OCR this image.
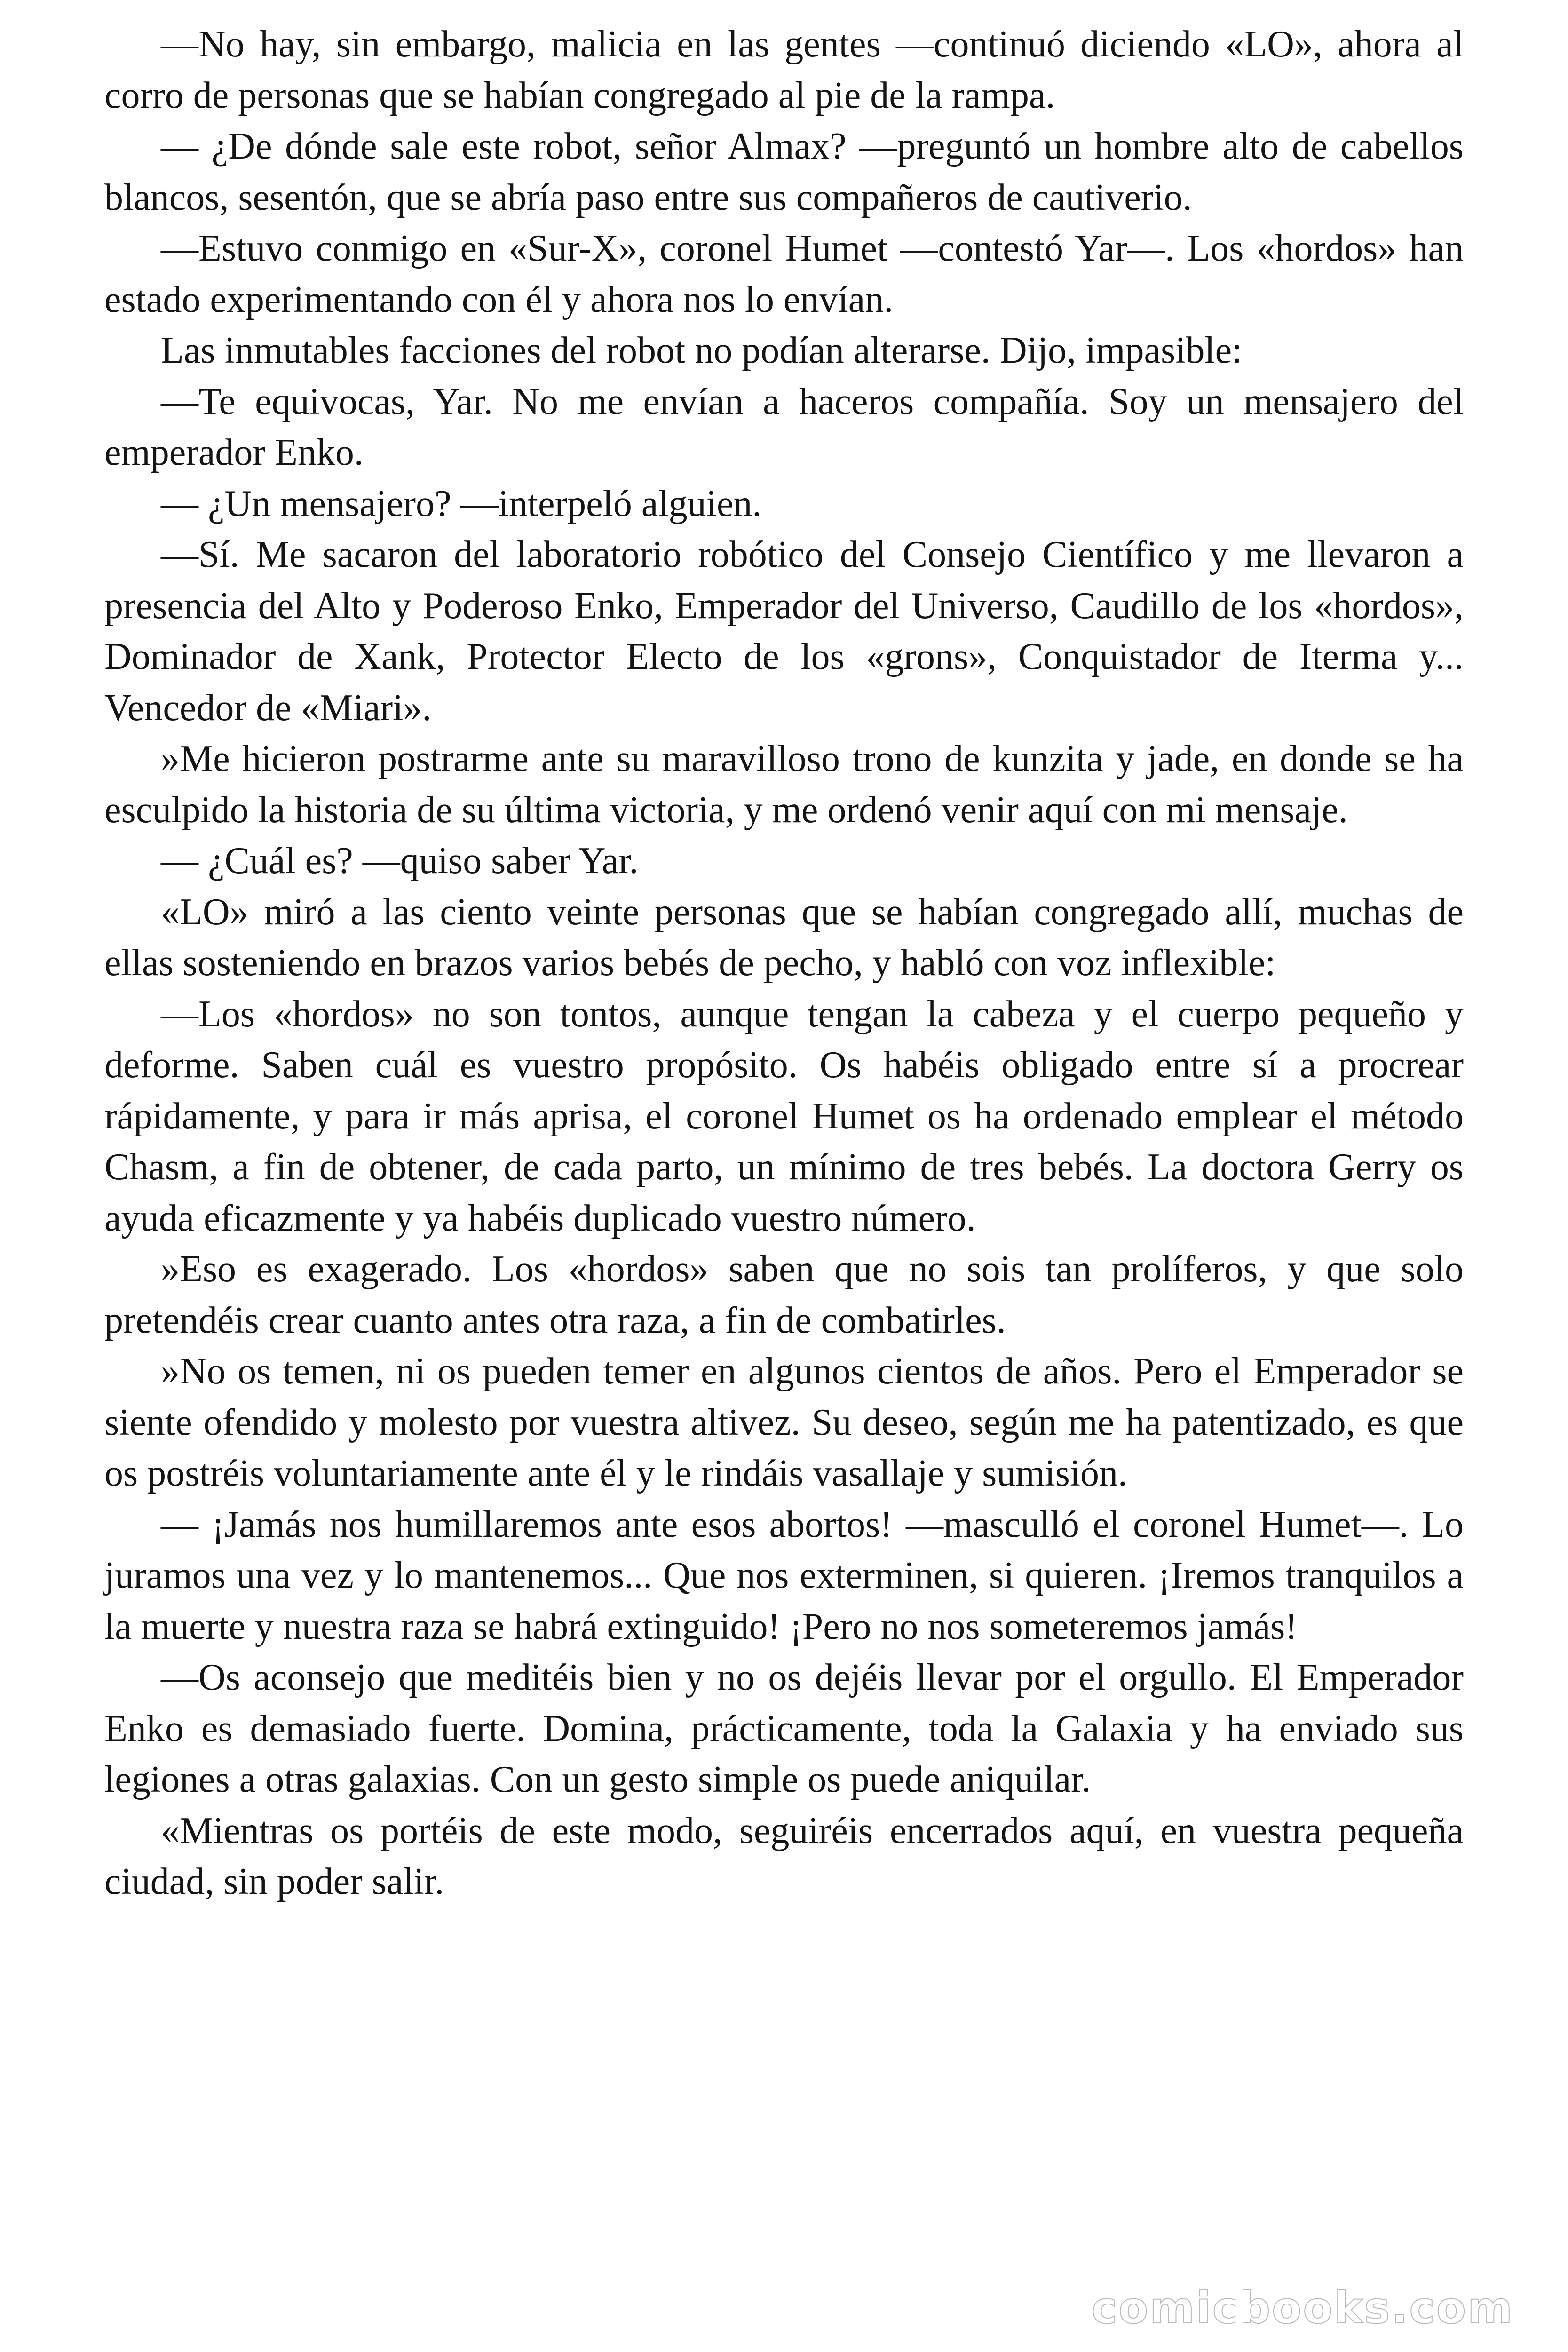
—No hay, sin embargo, malicia en las gentes —continuó diciendo «LO», ahora al corro de personas que se habían congregado al pie de la rampa.

— ¿De dónde sale este robot, señor Almax? —preguntó un hombre alto de cabellos blancos, sesentón, que se abría paso entre sus compañeros de cautiverio.

—Estuvo conmigo en «Sur-X», coronel Humet —contestó Yar—. Los «hordos» han estado experimentando con él y ahora nos lo envían.

Las inmutables facciones del robot no podían alterarse. Dijo, impasible:

—Te equivocas, Yar. No me envían a haceros compañía. Soy un mensajero del emperador Enko.

— ¿Un mensajero? —interpeló alguien.

—Sí. Me sacaron del laboratorio robótico del Consejo Científico y me llevaron a presencia del Alto y Poderoso Enko, Emperador del Universo, Caudillo de los «hordos», Dominador de Xank, Protector Electo de los «grons», Conquistador de Iterma y... Vencedor de «Miari».

»Me hicieron postrarme ante su maravilloso trono de kunzita y jade, en donde se ha esculpido la historia de su última victoria, y me ordenó venir aquí con mi mensaje.

— ¿Cuál es? —quiso saber Yar.

«LO» miró a las ciento veinte personas que se habían congregado allí, muchas de ellas sosteniendo en brazos varios bebés de pecho, y habló con voz inflexible:

—Los «hordos» no son tontos, aunque tengan la cabeza y el cuerpo pequeño y deforme. Saben cuál es vuestro propósito. Os habéis obligado entre sí a procrear rápidamente, y para ir más aprisa, el coronel Humet os ha ordenado emplear el método Chasm, a fin de obtener, de cada parto, un mínimo de tres bebés. La doctora Gerry os ayuda eficazmente y ya habéis duplicado vuestro número.

»Eso es exagerado. Los «hordos» saben que no sois tan prolíferos, y que solo pretendéis crear cuanto antes otra raza, a fin de combatirles.

»No os temen, ni os pueden temer en algunos cientos de años. Pero el Emperador se siente ofendido y molesto por vuestra altivez. Su deseo, según me ha patentizado, es que os postréis voluntariamente ante él y le rindáis vasallaje y sumisión.

— ¡Jamás nos humillaremos ante esos abortos! —masculló el coronel Humet—. Lo juramos una vez y lo mantenemos... Que nos exterminen, si quieren. ¡Iremos tranquilos a la muerte y nuestra raza se habrá extinguido! ¡Pero no nos someteremos jamás!

—Os aconsejo que meditéis bien y no os dejéis llevar por el orgullo. El Emperador Enko es demasiado fuerte. Domina, prácticamente, toda la Galaxia y ha enviado sus legiones a otras galaxias. Con un gesto simple os puede aniquilar.

«Mientras os portéis de este modo, seguiréis encerrados aquí, en vuestra pequeña ciudad, sin poder salir.

comicbooks.com
